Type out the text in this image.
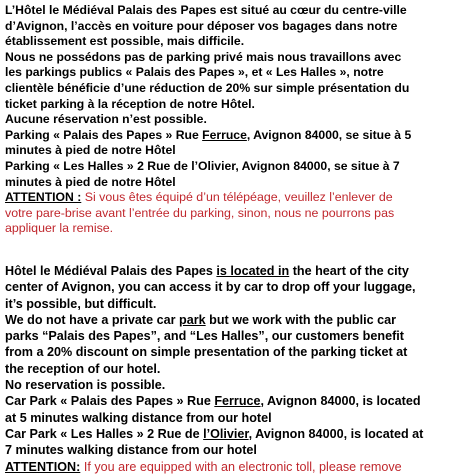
L’Hôtel le Médiéval Palais des Papes est situé au cœur du centre-ville
d’Avignon, l’accès en voiture pour déposer vos bagages dans notre
établissement est possible, mais difficile.
Nous ne possédons pas de parking privé mais nous travaillons avec
les parkings publics « Palais des Papes », et « Les Halles », notre
clientèle bénéficie d’une réduction de 20% sur simple présentation du
ticket parking à la réception de notre Hôtel.
Aucune réservation n’est possible.
Parking « Palais des Papes » Rue Ferruce, Avignon 84000, se situe à 5
minutes à pied de notre Hôtel
Parking « Les Halles » 2 Rue de l’Olivier, Avignon 84000, se situe à 7
minutes à pied de notre Hôtel
ATTENTION : Si vous êtes équipé d’un télépéage, veuillez l’enlever de
votre pare-brise avant l’entrée du parking, sinon, nous ne pourrons pas
appliquer la remise.
Hôtel le Médiéval Palais des Papes is located in the heart of the city
center of Avignon, you can access it by car to drop off your luggage,
it’s possible, but difficult.
We do not have a private car park but we work with the public car
parks “Palais des Papes”, and “Les Halles”, our customers benefit
from a 20% discount on simple presentation of the parking ticket at
the reception of our hotel.
No reservation is possible.
Car Park « Palais des Papes » Rue Ferruce, Avignon 84000, is located
at 5 minutes walking distance from our hotel
Car Park « Les Halles » 2 Rue de l’Olivier, Avignon 84000, is located at
7 minutes walking distance from our hotel
ATTENTION: If you are equipped with an electronic toll, please remove
